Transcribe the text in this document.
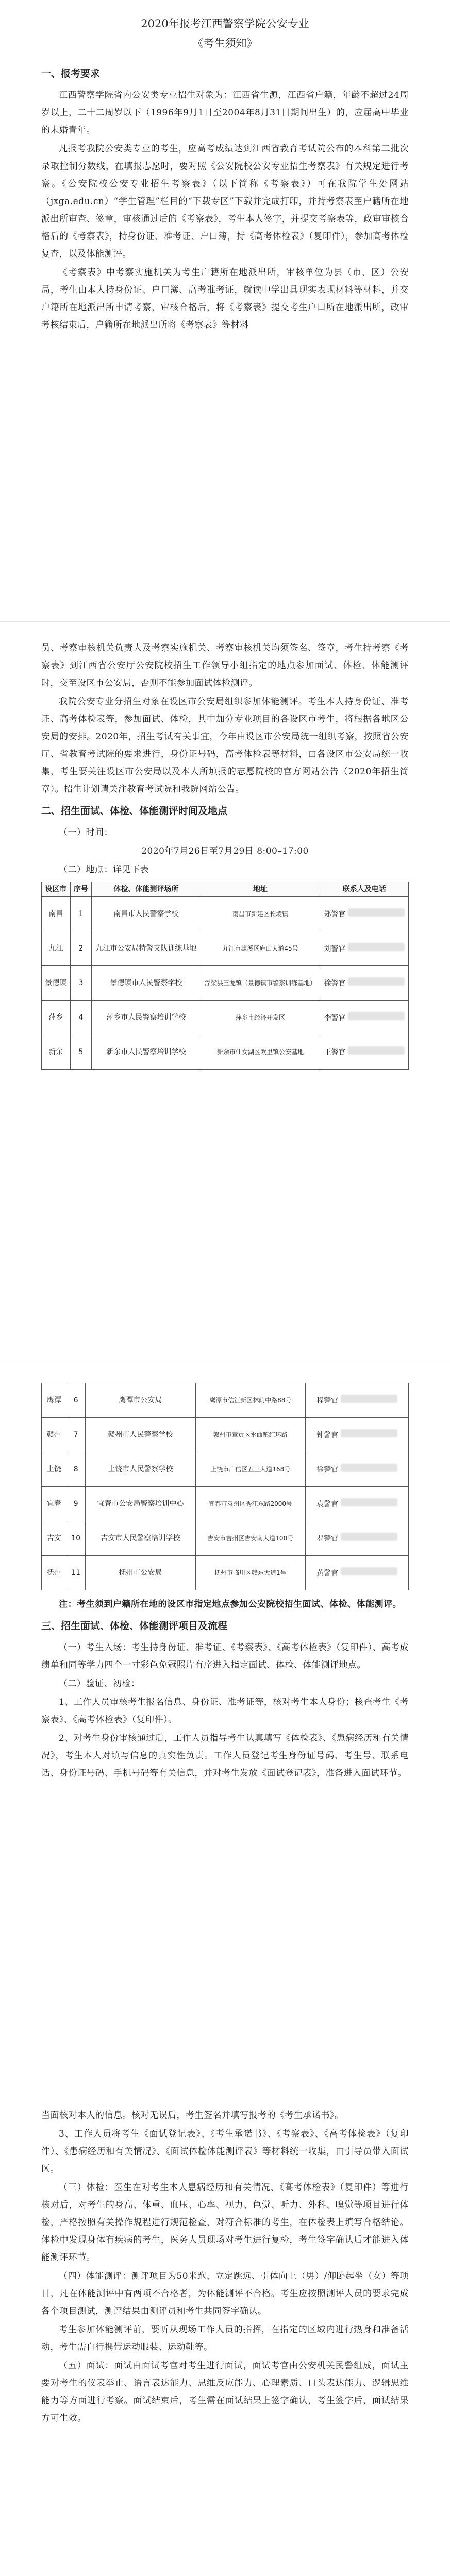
2020年报考江西警察学院公安专业
《考生须知》
一、报考要求

江西警察学院省内公安类专业招生对象为：江西省生源，江西省户籍，年龄不超过24周岁以上，二十二周岁以下（1996年9月1日至2004年8月31日期间出生）的，应届高中毕业的未婚青年。

凡报考我院公安类专业的考生，应高考成绩达到江西省教育考试院公布的本科第二批次录取控制分数线，在填报志愿时，要对照《公安院校公安专业招生考察表》有关规定进行考察。《公安院校公安专业招生考察表》（以下简称《考察表》）可在我院学生处网站（jxga.edu.cn）“学生管理”栏目的“下载专区”下载并完成打印，并持考察表至户籍所在地派出所审查、签章，审核通过后的《考察表》，考生本人签字，并提交考察表等，政审审核合格后的《考察表》，持身份证、准考证、户口簿，持《高考体检表》（复印件），参加高考体检复查，以及体能测评。

《考察表》中考察实施机关为考生户籍所在地派出所，审核单位为县（市、区）公安局，考生由本人持身份证、户口簿、高考准考证，就读中学出具现实表现材料等材料，并交户籍所在地派出所申请考察，审核合格后，将《考察表》提交考生户口所在地派出所，政审考核结束后，户籍所在地派出所将《考察表》等材料

员、考察审核机关负责人及考察实施机关、考察审核机关均须签名、签章，考生持考察《考察表》到江西省公安厅公安院校招生工作领导小组指定的地点参加面试、体检、体能测评时，交至设区市公安局，否则不能参加面试体检测评。

我院公安专业分招生对象在设区市公安局组织参加体能测评。考生本人持身份证、准考证、高考体检表等，参加面试、体检，其中加分专业项目的各设区市考生，将根据各地区公安局的安排。2020年，招生考试有关事宜，今年由设区市公安局统一组织考察，按照省公安厅、省教育考试院的要求进行，身份证号码，高考体检表等材料，由各设区市公安局统一收集，考生要关注设区市公安局以及本人所填报的志愿院校的官方网站公告（2020年招生简章）。招生计划请关注教育考试院和我院网站公告。

二、招生面试、体检、体能测评时间及地点

（一）时间：

2020年7月26日至7月29日 8:00–17:00

（二）地点：详见下表

设区市	序号	体检、体能测评场所	地址	联系人及电话
南昌	1	南昌市人民警察学校	南昌市新建区长堎镇	郑警官
九江	2	九江市公安局特警支队训练基地	九江市濂溪区庐山大道45号	刘警官
景德镇	3	景德镇市人民警察学校	浮梁县三龙镇（景德镇市警察训练基地）	徐警官
萍乡	4	萍乡市人民警察培训学校	萍乡市经济开发区	李警官
新余	5	新余市人民警察培训学校	新余市仙女湖区欧里镇公安基地	王警官
鹰潭	6	鹰潭市公安局	鹰潭市信江新区林荫中路88号	程警官
赣州	7	赣州市人民警察学校	赣州市章贡区水西镇红环路	钟警官
上饶	8	上饶市人民警察学校	上饶市广信区五三大道168号	徐警官
宜春	9	宜春市公安局警察培训中心	宜春市袁州区秀江东路2000号	袁警官
吉安	10	吉安市人民警察培训学校	吉安市吉州区吉安南大道100号	罗警官
抚州	11	抚州市公安局	抚州市临川区赣东大道1号	黄警官

注：考生须到户籍所在地的设区市指定地点参加公安院校招生面试、体检、体能测评。

三、招生面试、体检、体能测评项目及流程

（一）考生入场：考生持身份证、准考证、《考察表》、《高考体检表》（复印件）、高考成绩单和同等学力四个一寸彩色免冠照片有序进入指定面试、体检、体能测评地点。

（二）验证、初检：

1、工作人员审核考生报名信息、身份证、准考证等，核对考生本人身份；核查考生《考察表》、《高考体检表》（复印件）。

2、对考生身份审核通过后，工作人员指导考生认真填写《体检表》、《患病经历和有关情况》，考生本人对填写信息的真实性负责。工作人员登记考生身份证号码、考生号、联系电话、身份证号码、手机号码等有关信息，并对考生发放《面试登记表》，准备进入面试环节。

当面核对本人的信息。核对无误后，考生签名并填写报考的《考生承诺书》。

3、工作人员将考生《面试登记表》、《考生承诺书》、《考察表》、《高考体检表》（复印件）、《患病经历和有关情况》、《面试体检体能测评表》等材料统一收集，由引导员带入面试区。

（三）体检：医生在对考生本人患病经历和有关情况、《高考体检表》（复印件）等进行核对后，对考生的身高、体重、血压、心率、视力、色觉、听力、外科、嗅觉等项目进行体检，严格按照有关操作规程进行规范检查，对符合标准的考生，在体检表上填写合格结论。体检中发现身体有疾病的考生，医务人员现场对考生进行复检，考生签字确认后才能进入体能测评环节。

（四）体能测评：测评项目为50米跑、立定跳远、引体向上（男）/仰卧起坐（女）等项目，凡在体能测评中有两项不合格者，为体能测评不合格。考生应按照测评人员的要求完成各个项目测试，测评结果由测评员和考生共同签字确认。

考生参加体能测评前，要听从现场工作人员的指挥，在指定的区域内进行热身和准备活动，考生需自行携带运动服装、运动鞋等。

（五）面试：面试由面试考官对考生进行面试，面试考官由公安机关民警组成，面试主要对考生的仪表举止、语言表达能力、思维反应能力、心理素质、口头表达能力、逻辑思维能力等方面进行考察。面试结束后，考生需在面试结果上签字确认，考生签字后，面试结果方可生效。
